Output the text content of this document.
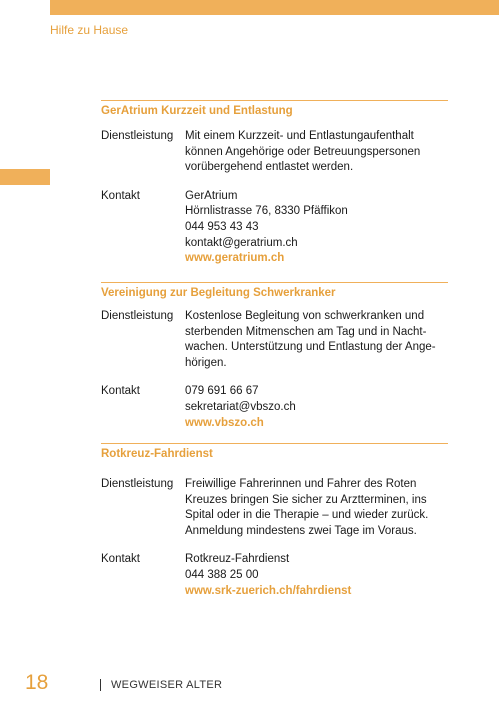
Hilfe zu Hause
GerAtrium Kurzzeit und Entlastung
Dienstleistung	Mit einem Kurzzeit- und Entlastungaufenthalt
können Angehörige oder Betreuungspersonen
vorübergehend entlastet werden.
Kontakt	GerAtrium
Hörnlistrasse 76, 8330 Pfäffikon
044 953 43 43
kontakt@geratrium.ch
www.geratrium.ch
Vereinigung zur Begleitung Schwerkranker
Dienstleistung	Kostenlose Begleitung von schwerkranken und
sterbenden Mitmenschen am Tag und in Nacht-
wachen. Unterstützung und Entlastung der Ange-
hörigen.
Kontakt	079 691 66 67
sekretariat@vbszo.ch
www.vbszo.ch
Rotkreuz-Fahrdienst
Dienstleistung	Freiwillige Fahrerinnen und Fahrer des Roten
Kreuzes bringen Sie sicher zu Arztterminen, ins
Spital oder in die Therapie – und wieder zurück.
Anmeldung mindestens zwei Tage im Voraus.
Kontakt	Rotkreuz-Fahrdienst
044 388 25 00
www.srk-zuerich.ch/fahrdienst
18	WEGWEISER ALTER
